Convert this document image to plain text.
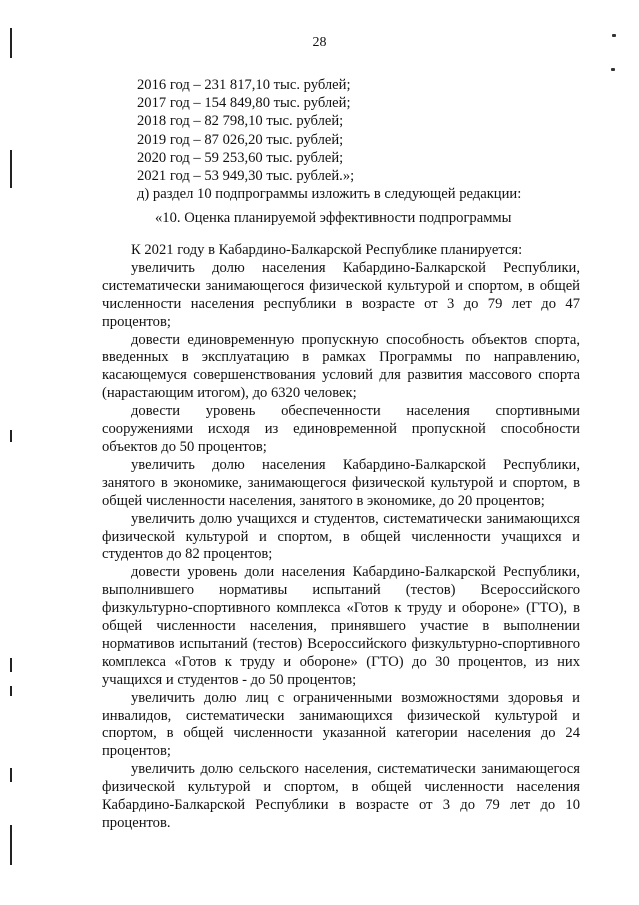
28
2016 год – 231 817,10 тыс. рублей;
2017 год – 154 849,80 тыс. рублей;
2018 год – 82 798,10 тыс. рублей;
2019 год – 87 026,20 тыс. рублей;
2020 год – 59 253,60 тыс. рублей;
2021 год – 53 949,30 тыс. рублей.»;
д) раздел 10 подпрограммы изложить в следующей редакции:
«10. Оценка планируемой эффективности подпрограммы

К 2021 году в Кабардино-Балкарской Республике планируется:

увеличить долю населения Кабардино-Балкарской Республики, систематически занимающегося физической культурой и спортом, в общей численности населения республики в возрасте от 3 до 79 лет до 47 процентов;

довести единовременную пропускную способность объектов спорта, введенных в эксплуатацию в рамках Программы по направлению, касающемуся совершенствования условий для развития массового спорта (нарастающим итогом), до 6320 человек;

довести уровень обеспеченности населения спортивными сооружениями исходя из единовременной пропускной способности объектов до 50 процентов;

увеличить долю населения Кабардино-Балкарской Республики, занятого в экономике, занимающегося физической культурой и спортом, в общей численности населения, занятого в экономике, до 20 процентов;

увеличить долю учащихся и студентов, систематически занимающихся физической культурой и спортом, в общей численности учащихся и студентов до 82 процентов;

довести уровень доли населения Кабардино-Балкарской Республики, выполнившего нормативы испытаний (тестов) Всероссийского физкультурно-спортивного комплекса «Готов к труду и обороне» (ГТО), в общей численности населения, принявшего участие в выполнении нормативов испытаний (тестов) Всероссийского физкультурно-спортивного комплекса «Готов к труду и обороне» (ГТО) до 30 процентов, из них учащихся и студентов - до 50 процентов;

увеличить долю лиц с ограниченными возможностями здоровья и инвалидов, систематически занимающихся физической культурой и спортом, в общей численности указанной категории населения до 24 процентов;

увеличить долю сельского населения, систематически занимающегося физической культурой и спортом, в общей численности населения Кабардино-Балкарской Республики в возрасте от 3 до 79 лет до 10 процентов.
